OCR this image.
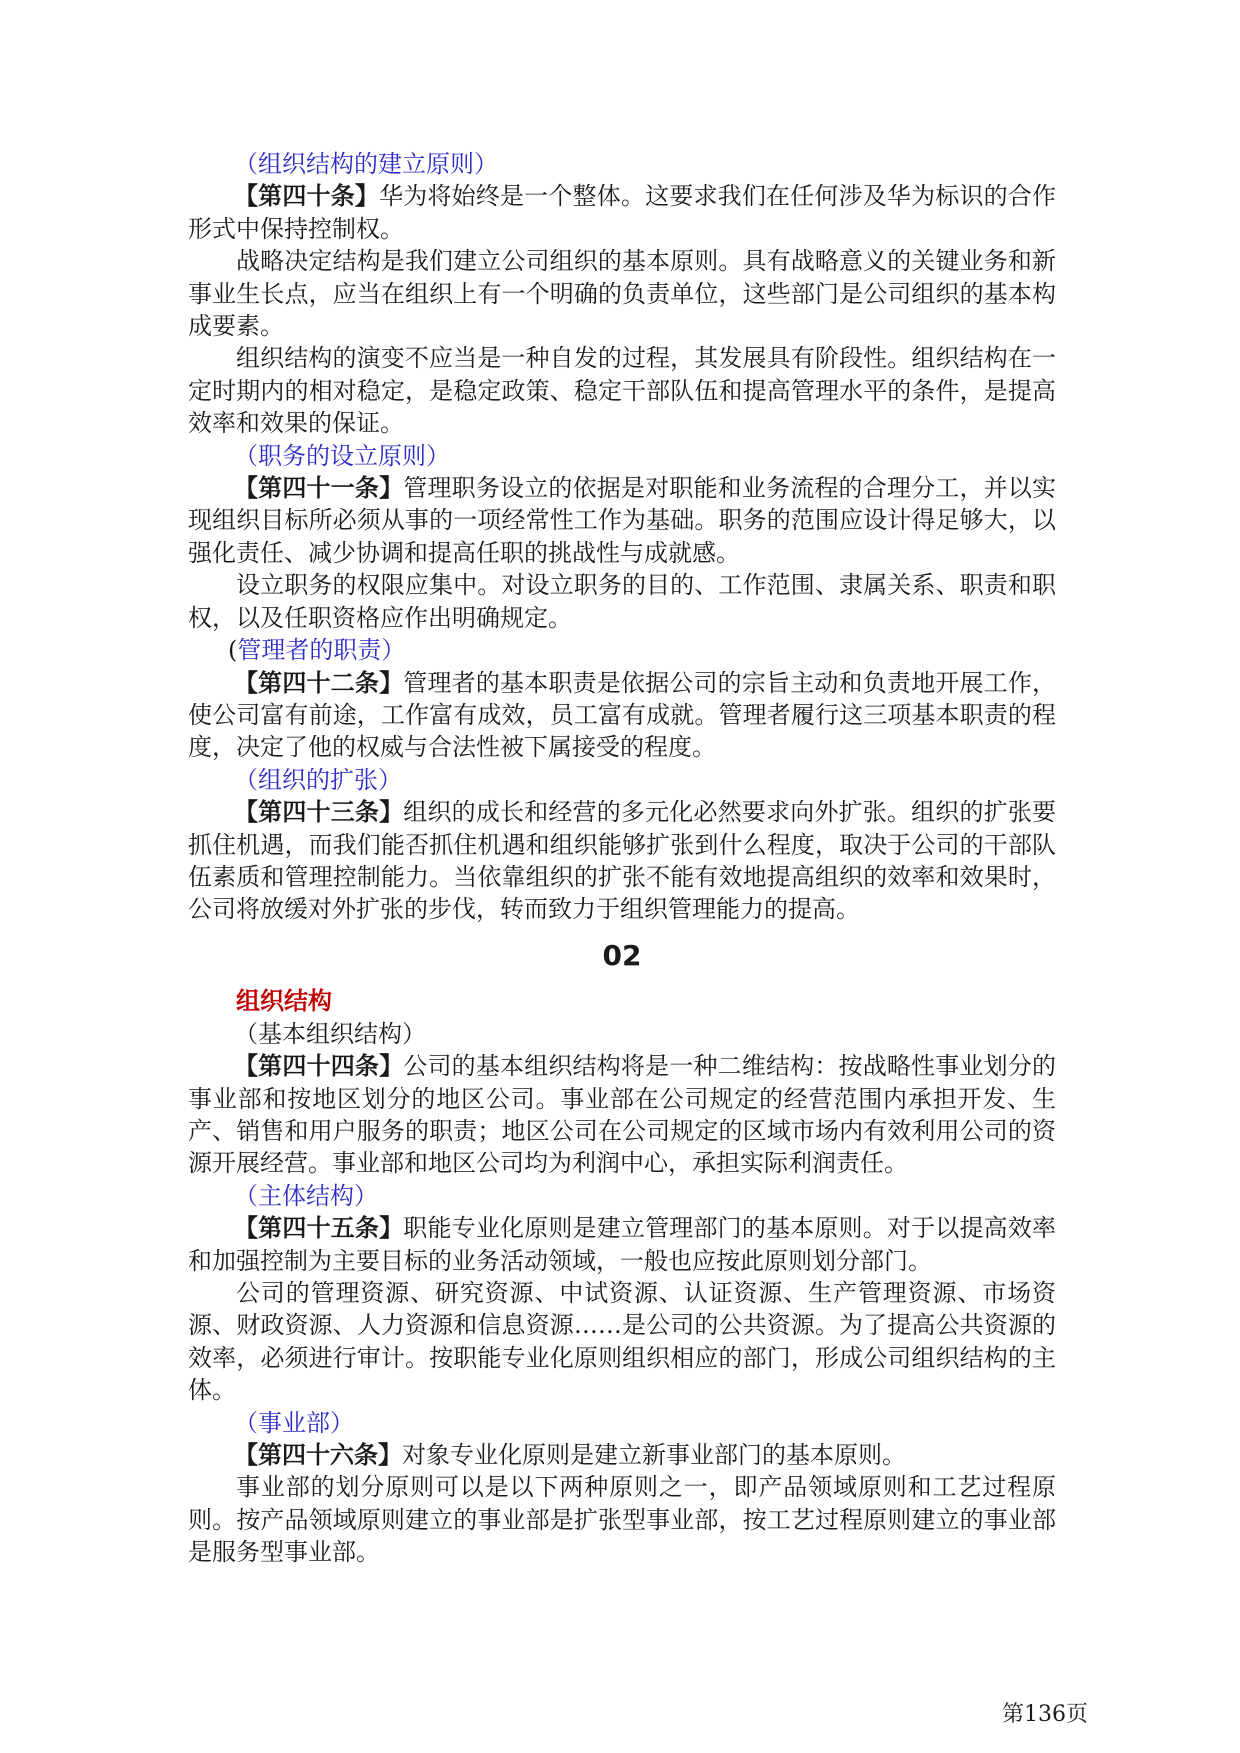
（组织结构的建立原则）

【第四十条】华为将始终是一个整体。这要求我们在任何涉及华为标识的合作形式中保持控制权。

战略决定结构是我们建立公司组织的基本原则。具有战略意义的关键业务和新事业生长点，应当在组织上有一个明确的负责单位，这些部门是公司组织的基本构成要素。

组织结构的演变不应当是一种自发的过程，其发展具有阶段性。组织结构在一定时期内的相对稳定，是稳定政策、稳定干部队伍和提高管理水平的条件，是提高效率和效果的保证。

（职务的设立原则）

【第四十一条】管理职务设立的依据是对职能和业务流程的合理分工，并以实现组织目标所必须从事的一项经常性工作为基础。职务的范围应设计得足够大，以强化责任、减少协调和提高任职的挑战性与成就感。

设立职务的权限应集中。对设立职务的目的、工作范围、隶属关系、职责和职权，以及任职资格应作出明确规定。

(管理者的职责）

【第四十二条】管理者的基本职责是依据公司的宗旨主动和负责地开展工作，使公司富有前途，工作富有成效，员工富有成就。管理者履行这三项基本职责的程度，决定了他的权威与合法性被下属接受的程度。

（组织的扩张）

【第四十三条】组织的成长和经营的多元化必然要求向外扩张。组织的扩张要抓住机遇，而我们能否抓住机遇和组织能够扩张到什么程度，取决于公司的干部队伍素质和管理控制能力。当依靠组织的扩张不能有效地提高组织的效率和效果时，公司将放缓对外扩张的步伐，转而致力于组织管理能力的提高。

02

组织结构

（基本组织结构）

【第四十四条】公司的基本组织结构将是一种二维结构：按战略性事业划分的事业部和按地区划分的地区公司。事业部在公司规定的经营范围内承担开发、生产、销售和用户服务的职责；地区公司在公司规定的区域市场内有效利用公司的资源开展经营。事业部和地区公司均为利润中心，承担实际利润责任。

（主体结构）

【第四十五条】职能专业化原则是建立管理部门的基本原则。对于以提高效率和加强控制为主要目标的业务活动领域，一般也应按此原则划分部门。

公司的管理资源、研究资源、中试资源、认证资源、生产管理资源、市场资源、财政资源、人力资源和信息资源……是公司的公共资源。为了提高公共资源的效率，必须进行审计。按职能专业化原则组织相应的部门，形成公司组织结构的主体。

（事业部）

【第四十六条】对象专业化原则是建立新事业部门的基本原则。

事业部的划分原则可以是以下两种原则之一，即产品领域原则和工艺过程原则。按产品领域原则建立的事业部是扩张型事业部，按工艺过程原则建立的事业部是服务型事业部。

第136页
